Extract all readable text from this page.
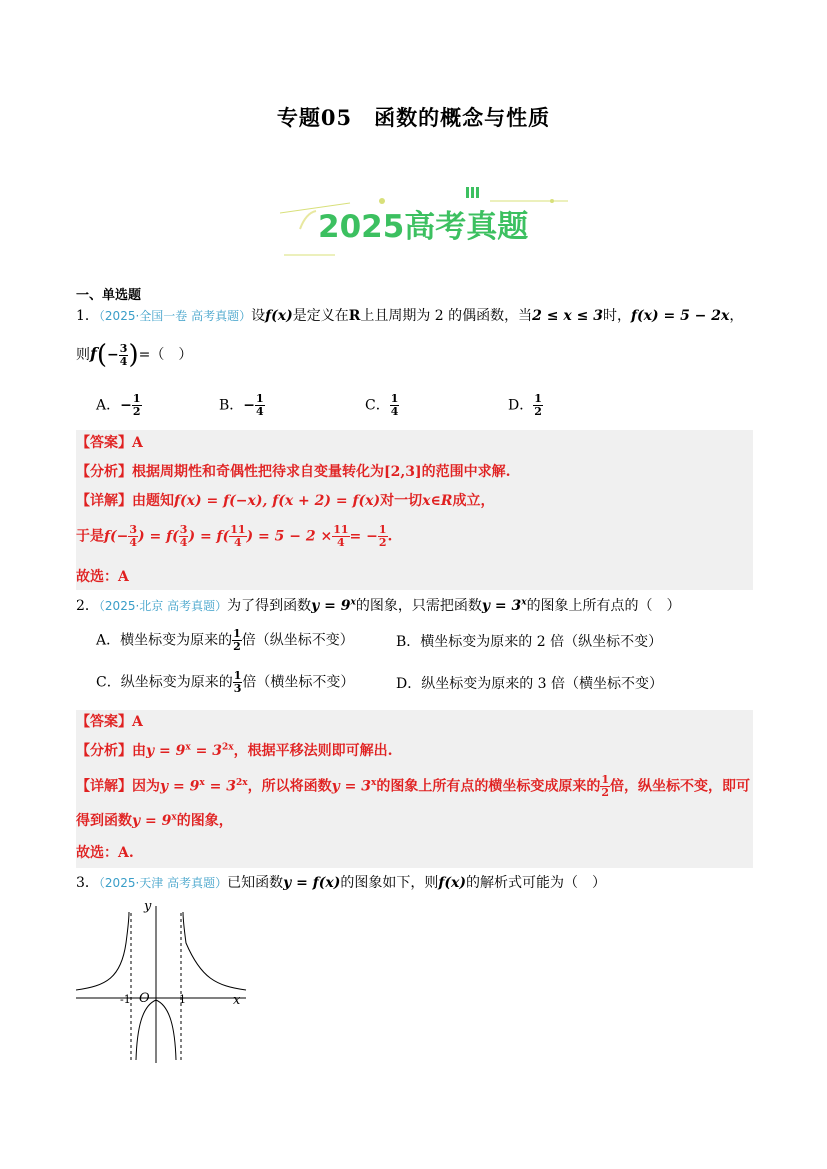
专题05　函数的概念与性质
2025高考真题
一、单选题
1．（2025·全国一卷 高考真题）设f(x)是定义在R上且周期为 2 的偶函数，当2 ≤ x ≤ 3时，f(x) = 5 − 2x，
则$f(- \frac{3}{4}$ )=（　）
A．− $\frac{1}{2}$	B．− $\frac{1}{4}$	C． $\frac{1}{4}$	D． $\frac{1}{2}$
【答案】A
【分析】根据周期性和奇偶性把待求自变量转化为[2,3]的范围中求解.
【详解】由题知f(x) = f(−x), f(x + 2) = f(x)对一切x∈R成立，
于是$f(- \frac{3}{4}$ ) = $f( \frac{3}{4}$ ) = $f( \frac{11}{4}$ ) = $5 - 2 \times \frac{11}{4}$ = − $\frac{1}{2}$ .
故选：A
2．（2025·北京 高考真题）为了得到函数$y = 9^x$的图象，只需把函数$y = 3^x$的图象上所有点的（　）
A．横坐标变为原来的 $\frac{1}{2}$ 倍（纵坐标不变）	B．横坐标变为原来的 2 倍（纵坐标不变）
C．纵坐标变为原来的 $\frac{1}{3}$ 倍（横坐标不变）	D．纵坐标变为原来的 3 倍（横坐标不变）
【答案】A
【分析】由$y = 9^x = 3^{2x}$，根据平移法则即可解出.
【详解】因为$y = 9^x = 3^{2x}$，所以将函数$y = 3^x$的图象上所有点的横坐标变成原来的 $\frac{1}{2}$ 倍，纵坐标不变，即可
得到函数$y = 9^x$的图象，
故选：A.
3．（2025·天津 高考真题）已知函数y = f(x)的图象如下，则f(x)的解析式可能为（　）
y
x
O
-1	1
